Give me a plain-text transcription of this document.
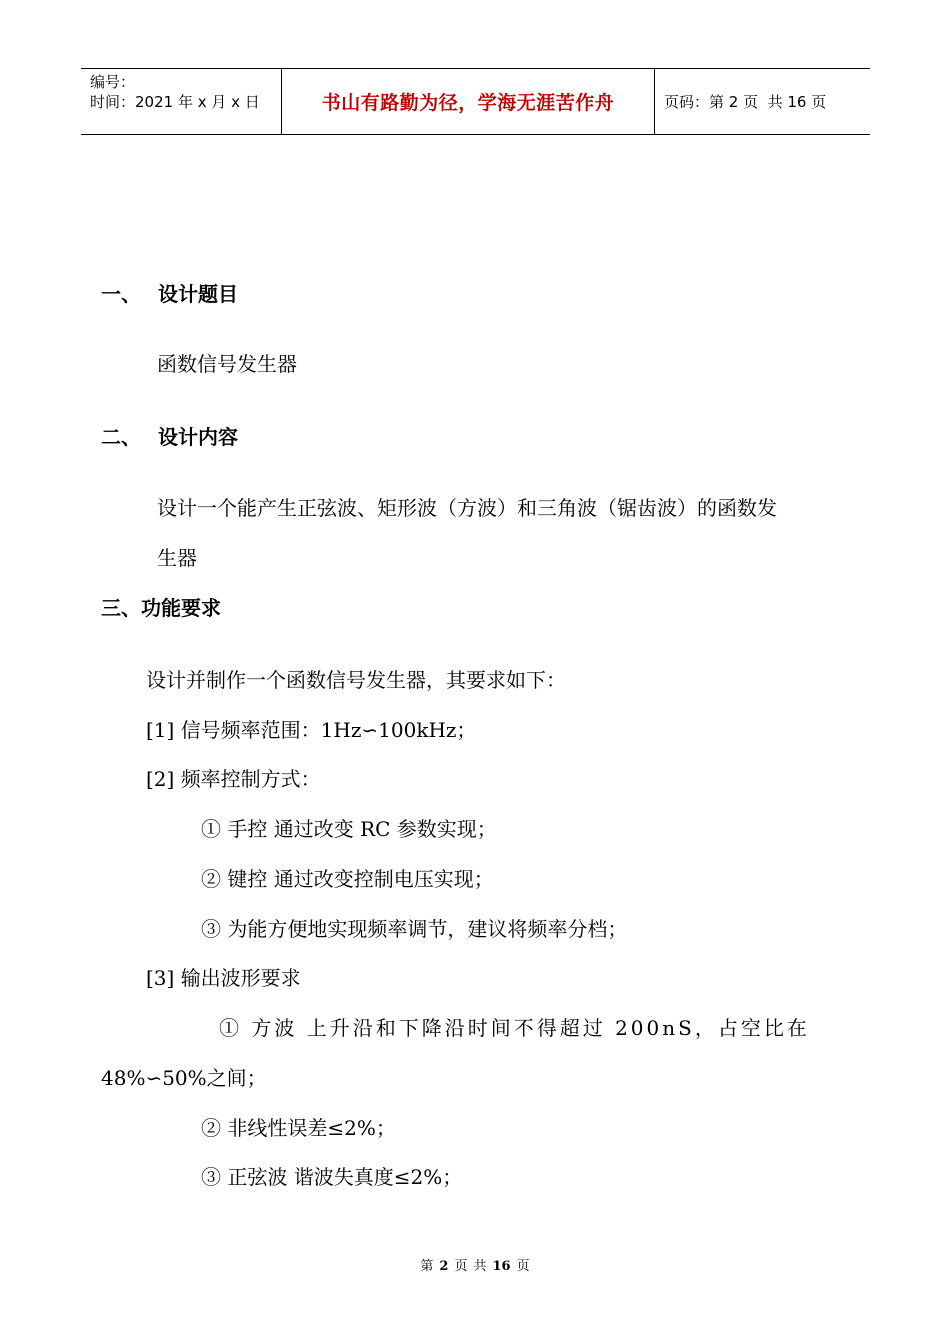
编号：
时间：2021 年 x 月 x 日	书山有路勤为径，学海无涯苦作舟	页码：第 2 页  共 16 页
一、 设计题目
函数信号发生器
二、 设计内容
设计一个能产生正弦波、矩形波（方波）和三角波（锯齿波）的函数发
生器
三、功能要求
设计并制作一个函数信号发生器，其要求如下：
[1] 信号频率范围：1Hz∽100kHz；
[2] 频率控制方式：
① 手控 通过改变 RC 参数实现；
② 键控 通过改变控制电压实现；
③ 为能方便地实现频率调节，建议将频率分档；
[3] 输出波形要求
① 方波 上升沿和下降沿时间不得超过 200nS，占空比在
48%∽50%之间；
② 非线性误差≤2%；
③ 正弦波 谐波失真度≤2%；
第 2 页 共 16 页
